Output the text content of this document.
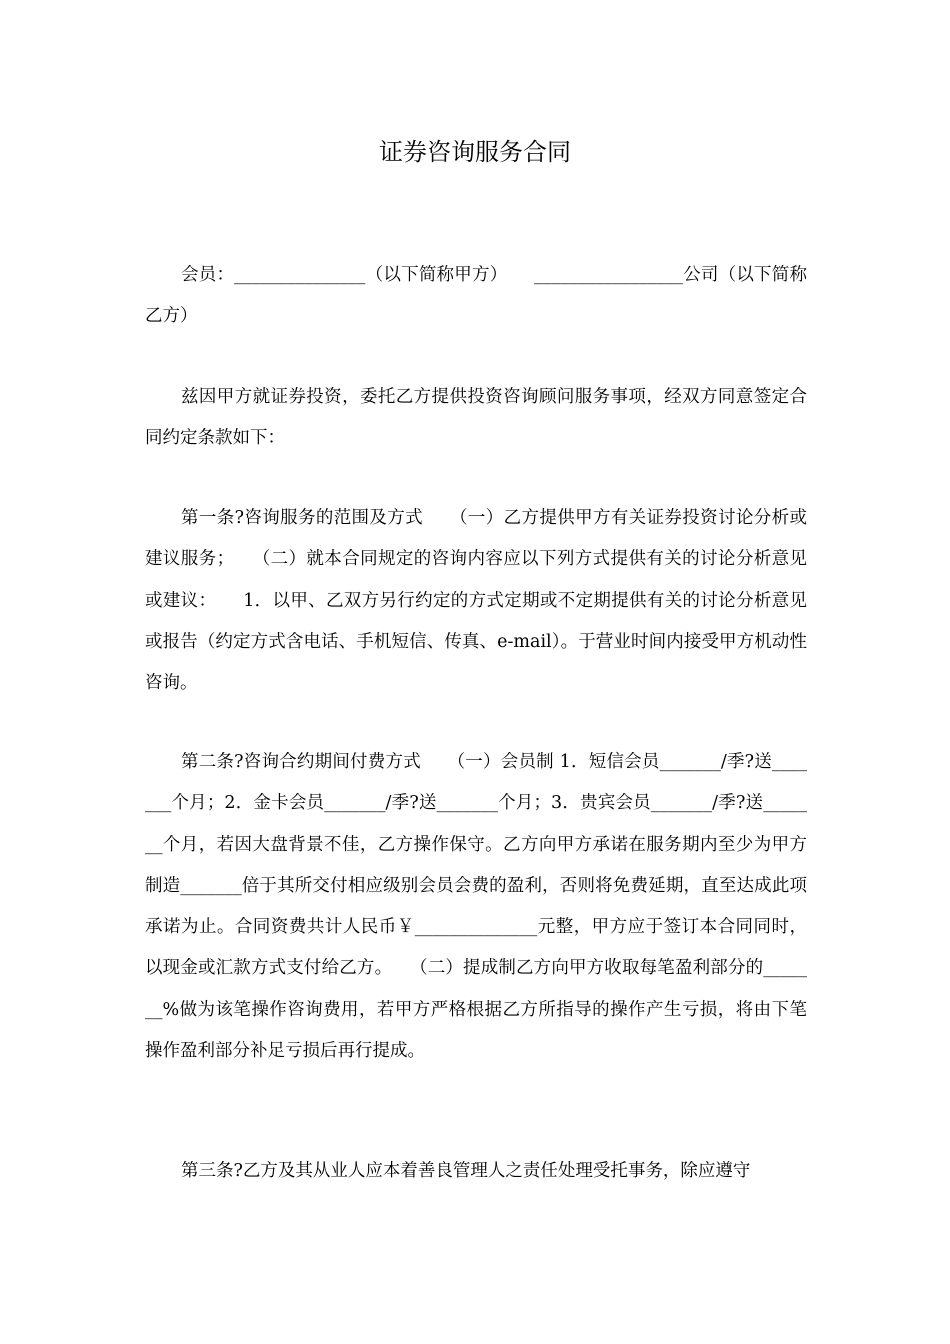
证券咨询服务合同

会员：_______________（以下简称甲方）　　_________________公司（以下简称乙方）

兹因甲方就证券投资，委托乙方提供投资咨询顾问服务事项，经双方同意签定合同约定条款如下：

第一条?咨询服务的范围及方式　　（一）乙方提供甲方有关证券投资讨论分析或建议服务；　　（二）就本合同规定的咨询内容应以下列方式提供有关的讨论分析意见或建议：　　1．以甲、乙双方另行约定的方式定期或不定期提供有关的讨论分析意见或报告（约定方式含电话、手机短信、传真、e-mail）。于营业时间内接受甲方机动性咨询。

第二条?咨询合约期间付费方式　　（一）会员制 1．短信会员_______/季?送_______个月；2．金卡会员_______/季?送_______个月；3．贵宾会员_______/季?送_______个月，若因大盘背景不佳，乙方操作保守。乙方向甲方承诺在服务期内至少为甲方制造_______倍于其所交付相应级别会员会费的盈利，否则将免费延期，直至达成此项承诺为止。合同资费共计人民币￥______________元整，甲方应于签订本合同同时，以现金或汇款方式支付给乙方。　　（二）提成制乙方向甲方收取每笔盈利部分的_______%做为该笔操作咨询费用，若甲方严格根据乙方所指导的操作产生亏损，将由下笔操作盈利部分补足亏损后再行提成。

第三条?乙方及其从业人应本着善良管理人之责任处理受托事务，除应遵守
